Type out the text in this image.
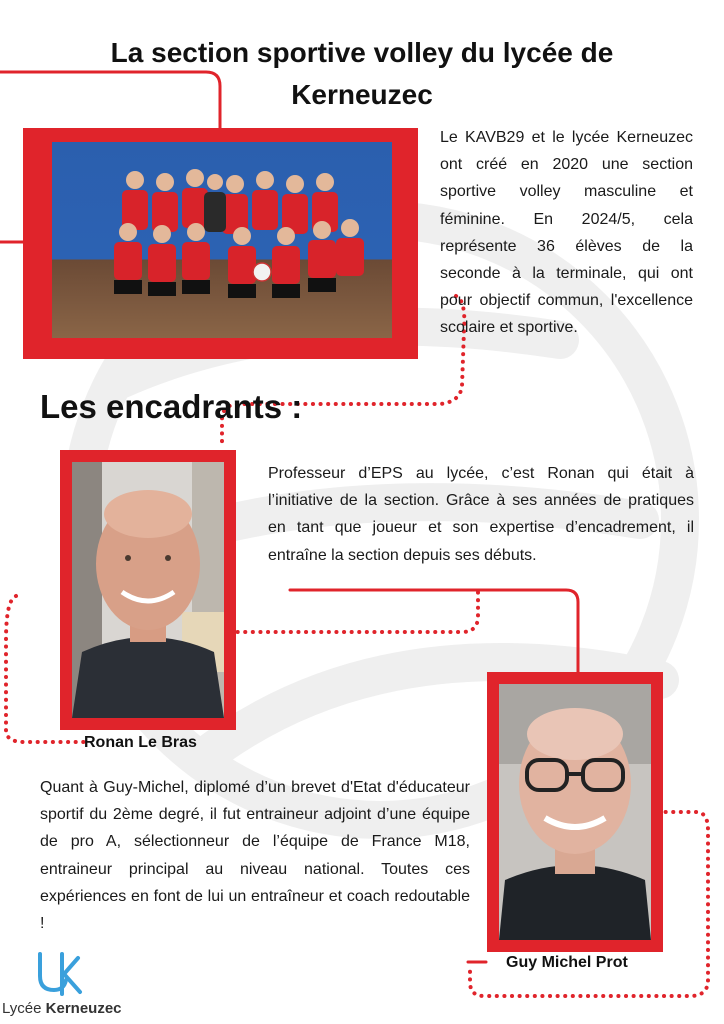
La section sportive volley du lycée de Kerneuzec
Le KAVB29 et le lycée Kerneuzec ont créé en 2020 une section sportive volley masculine et féminine. En 2024/5, cela représente 36 élèves de la seconde à la terminale, qui ont pour objectif commun, l'excellence scolaire et sportive.
Les encadrants :
Ronan Le Bras
Professeur d’EPS au lycée, c’est Ronan qui était à l’initiative de la section. Grâce à ses années de pratiques en tant que joueur et son expertise d’encadrement, il entraîne la section depuis ses débuts.
Guy Michel Prot
Quant à Guy-Michel, diplomé d’un brevet d'Etat d'éducateur sportif du 2ème degré, il fut entraineur adjoint d’une équipe de pro A, sélectionneur de l’équipe de France M18, entraineur principal au niveau national. Toutes ces expériences en font de lui un entraîneur et coach redoutable !
Lycée Kerneuzec
